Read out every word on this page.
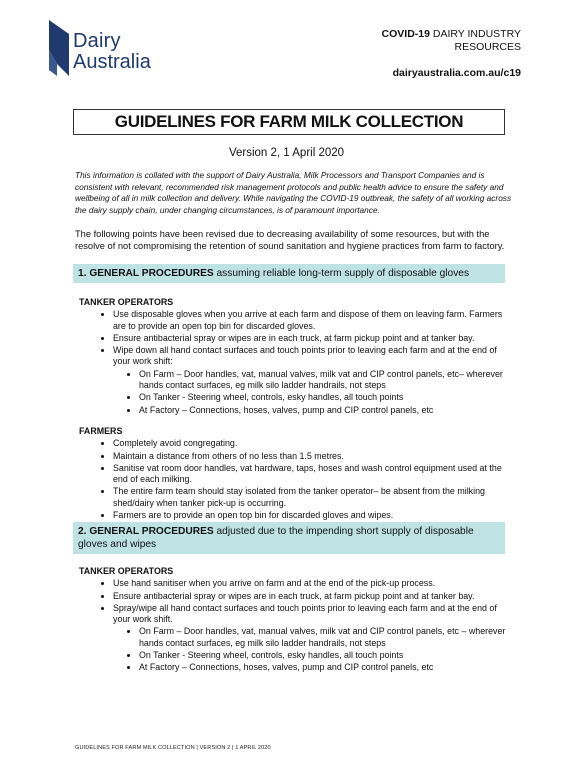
Dairy
Australia
COVID-19 DAIRY INDUSTRY
RESOURCES
dairyaustralia.com.au/c19
GUIDELINES FOR FARM MILK COLLECTION
Version 2, 1 April 2020

This information is collated with the support of Dairy Australia, Milk Processors and Transport Companies and is consistent with relevant, recommended risk management protocols and public health advice to ensure the safety and wellbeing of all in milk collection and delivery. While navigating the COVID-19 outbreak, the safety of all working across the dairy supply chain, under changing circumstances, is of paramount importance.

The following points have been revised due to decreasing availability of some resources, but with the resolve of not compromising the retention of sound sanitation and hygiene practices from farm to factory.

1. GENERAL PROCEDURES assuming reliable long-term supply of disposable gloves
TANKER OPERATORS
• Use disposable gloves when you arrive at each farm and dispose of them on leaving farm. Farmers are to provide an open top bin for discarded gloves.
• Ensure antibacterial spray or wipes are in each truck, at farm pickup point and at tanker bay.
• Wipe down all hand contact surfaces and touch points prior to leaving each farm and at the end of your work shift:
• On Farm – Door handles, vat, manual valves, milk vat and CIP control panels, etc– wherever hands contact surfaces, eg milk silo ladder handrails, not steps
• On Tanker - Steering wheel, controls, esky handles, all touch points
• At Factory – Connections, hoses, valves, pump and CIP control panels, etc
FARMERS
• Completely avoid congregating.
• Maintain a distance from others of no less than 1.5 metres.
• Sanitise vat room door handles, vat hardware, taps, hoses and wash control equipment used at the end of each milking.
• The entire farm team should stay isolated from the tanker operator– be absent from the milking shed/dairy when tanker pick-up is occurring.
• Farmers are to provide an open top bin for discarded gloves and wipes.
2. GENERAL PROCEDURES adjusted due to the impending short supply of disposable gloves and wipes
TANKER OPERATORS
• Use hand sanitiser when you arrive on farm and at the end of the pick-up process.
• Ensure antibacterial spray or wipes are in each truck, at farm pickup point and at tanker bay.
• Spray/wipe all hand contact surfaces and touch points prior to leaving each farm and at the end of your work shift.
• On Farm – Door handles, vat, manual valves, milk vat and CIP control panels, etc – wherever hands contact surfaces, eg milk silo ladder handrails, not steps
• On Tanker - Steering wheel, controls, esky handles, all touch points
• At Factory – Connections, hoses, valves, pump and CIP control panels, etc
GUIDELINES FOR FARM MILK COLLECTION | VERSION 2 | 1 APRIL 2020
